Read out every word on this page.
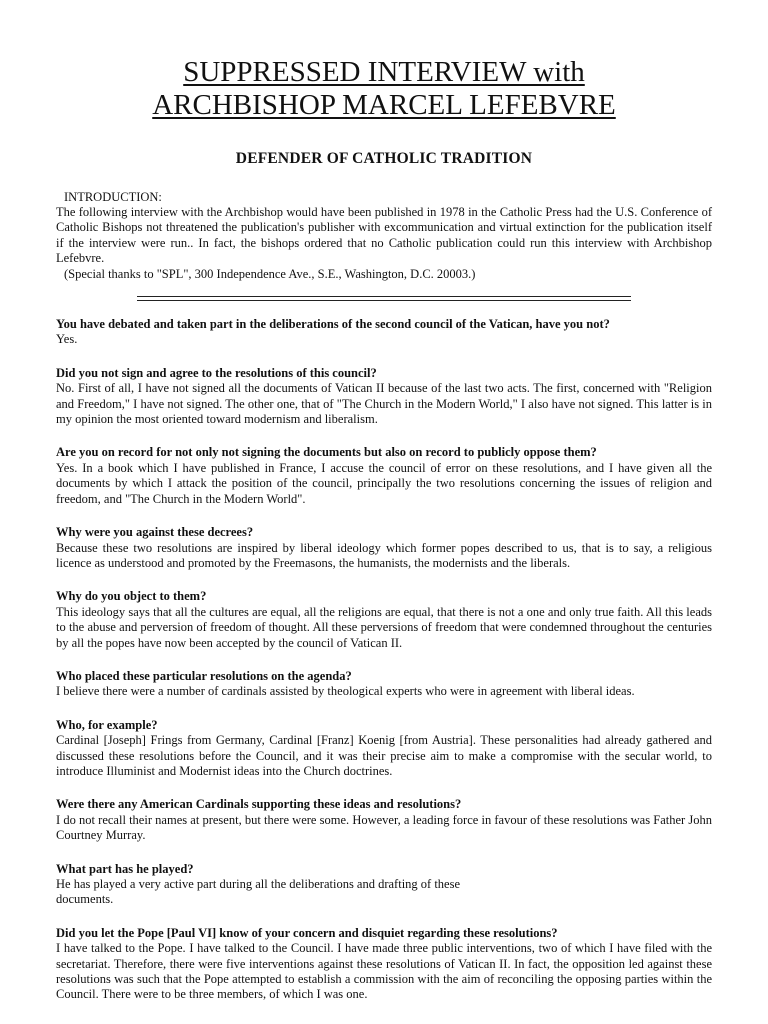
SUPPRESSED INTERVIEW with
ARCHBISHOP MARCEL LEFEBVRE
DEFENDER OF CATHOLIC TRADITION
INTRODUCTION:

The following interview with the Archbishop would have been published in 1978 in the Catholic Press had the U.S. Conference of Catholic Bishops not threatened the publication's publisher with excommunication and virtual extinction for the publication itself if the interview were run.. In fact, the bishops ordered that no Catholic publication could run this interview with Archbishop Lefebvre.

(Special thanks to "SPL", 300 Independence Ave., S.E., Washington, D.C. 20003.)

You have debated and taken part in the deliberations of the second council of the Vatican, have you not?

Yes.

Did you not sign and agree to the resolutions of this council?

No. First of all, I have not signed all the documents of Vatican II because of the last two acts. The first, concerned with "Religion and Freedom," I have not signed. The other one, that of "The Church in the Modern World," I also have not signed. This latter is in my opinion the most oriented toward modernism and liberalism.

Are you on record for not only not signing the documents but also on record to publicly oppose them?

Yes. In a book which I have published in France, I accuse the council of error on these resolutions, and I have given all the documents by which I attack the position of the council, principally the two resolutions concerning the issues of religion and freedom, and "The Church in the Modern World".

Why were you against these decrees?

Because these two resolutions are inspired by liberal ideology which former popes described to us, that is to say, a religious licence as understood and promoted by the Freemasons, the humanists, the modernists and the liberals.

Why do you object to them?

This ideology says that all the cultures are equal, all the religions are equal, that there is not a one and only true faith. All this leads to the abuse and perversion of freedom of thought. All these perversions of freedom that were condemned throughout the centuries by all the popes have now been accepted by the council of Vatican II.

Who placed these particular resolutions on the agenda?

I believe there were a number of cardinals assisted by theological experts who were in agreement with liberal ideas.

Who, for example?

Cardinal [Joseph] Frings from Germany, Cardinal [Franz] Koenig [from Austria]. These personalities had already gathered and discussed these resolutions before the Council, and it was their precise aim to make a compromise with the secular world, to introduce Illuminist and Modernist ideas into the Church doctrines.

Were there any American Cardinals supporting these ideas and resolutions?

I do not recall their names at present, but there were some. However, a leading force in favour of these resolutions was Father John Courtney Murray.

What part has he played?

He has played a very active part during all the deliberations and drafting of these
documents.

Did you let the Pope [Paul VI] know of your concern and disquiet regarding these resolutions?

I have talked to the Pope. I have talked to the Council. I have made three public interventions, two of which I have filed with the secretariat. Therefore, there were five interventions against these resolutions of Vatican II. In fact, the opposition led against these resolutions was such that the Pope attempted to establish a commission with the aim of reconciling the opposing parties within the Council. There were to be three members, of which I was one.
